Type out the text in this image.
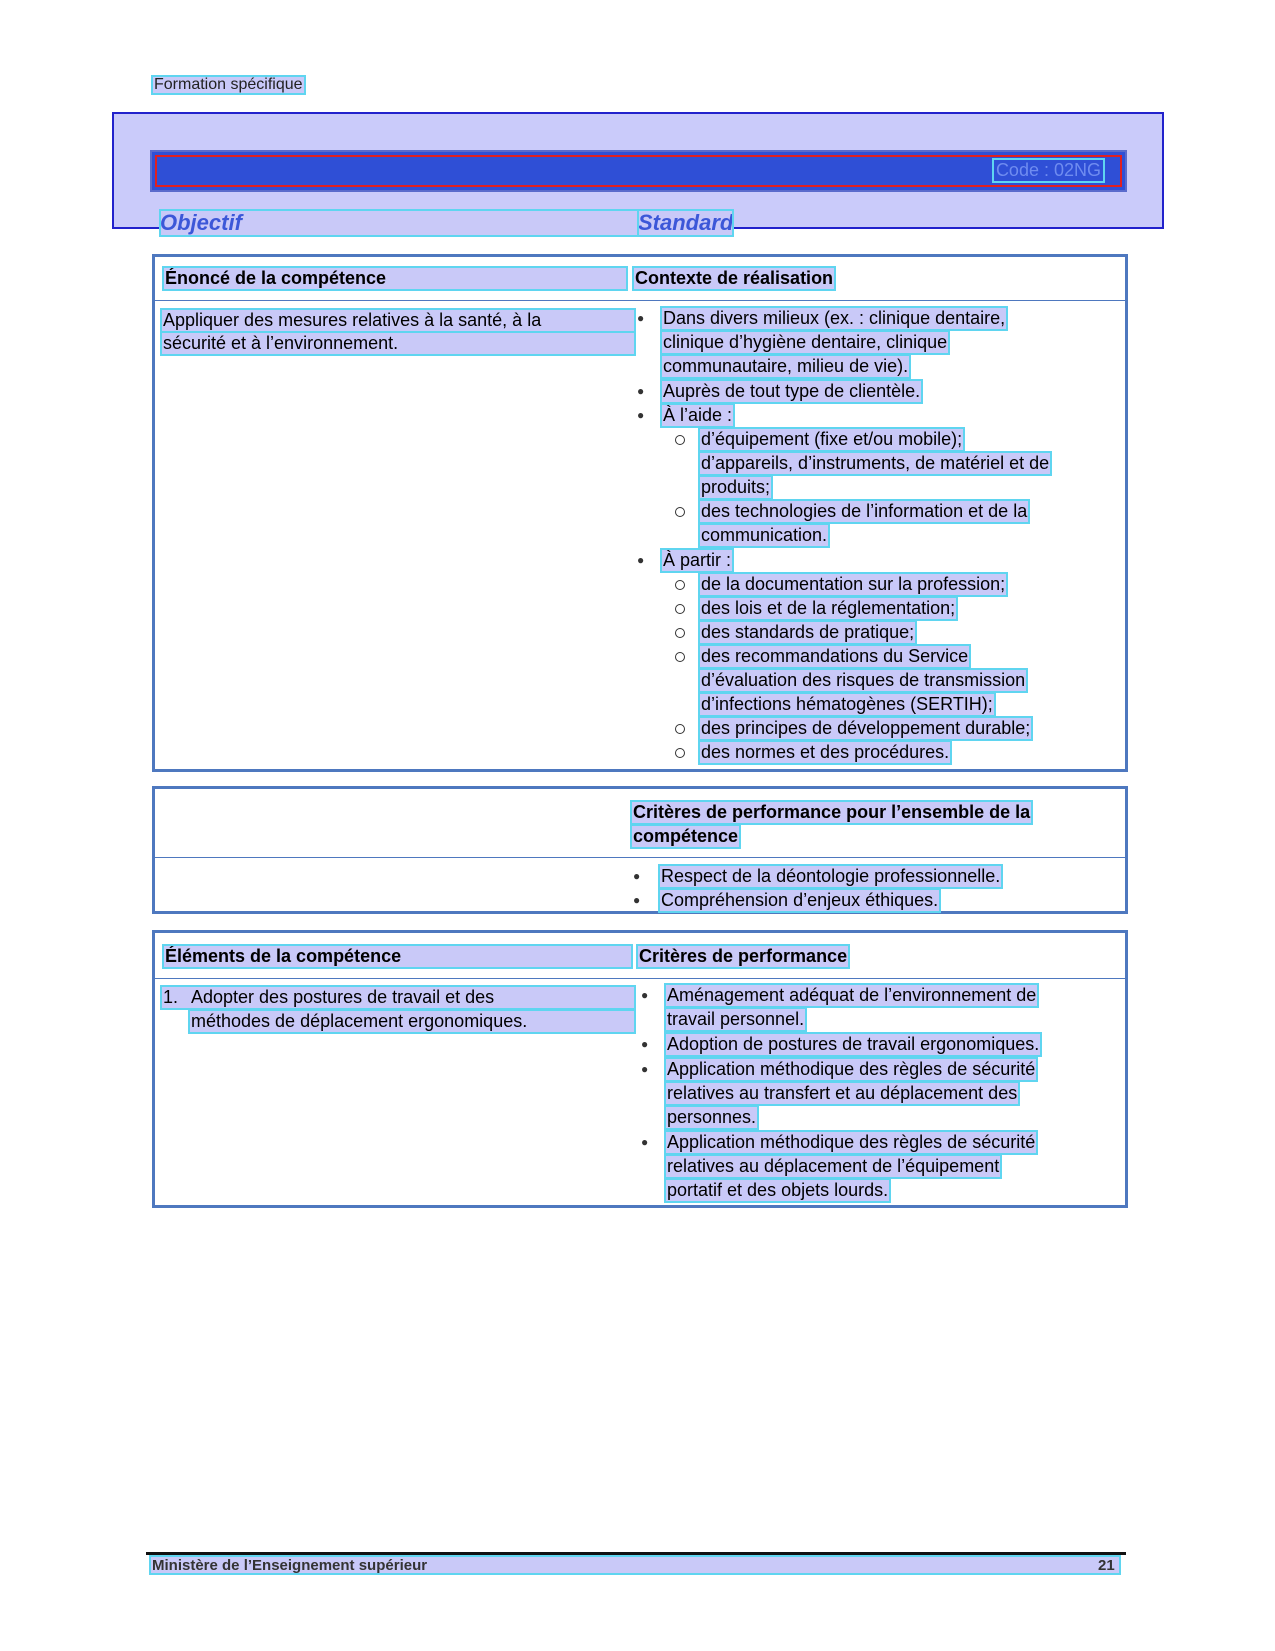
Formation spécifique
Code : 02NG
Objectif	Standard
Énoncé de la compétence	Contexte de réalisation
Appliquer des mesures relatives à la santé, à la
sécurité et à l’environnement.
● Dans divers milieux (ex. : clinique dentaire,
clinique d’hygiène dentaire, clinique
communautaire, milieu de vie).
● Auprès de tout type de clientèle.
● À l’aide :
d’équipement (fixe et/ou mobile);
d’appareils, d’instruments, de matériel et de
produits;
des technologies de l’information et de la
communication.
● À partir :
de la documentation sur la profession;
des lois et de la réglementation;
des standards de pratique;
des recommandations du Service
d’évaluation des risques de transmission
d’infections hématogènes (SERTIH);
des principes de développement durable;
des normes et des procédures.
Critères de performance pour l’ensemble de la
compétence
● Respect de la déontologie professionnelle.
● Compréhension d’enjeux éthiques.
Éléments de la compétence	Critères de performance
1. Adopter des postures de travail et des
méthodes de déplacement ergonomiques.
● Aménagement adéquat de l’environnement de
travail personnel.
● Adoption de postures de travail ergonomiques.
● Application méthodique des règles de sécurité
relatives au transfert et au déplacement des
personnes.
● Application méthodique des règles de sécurité
relatives au déplacement de l’équipement
portatif et des objets lourds.
Ministère de l’Enseignement supérieur	21
